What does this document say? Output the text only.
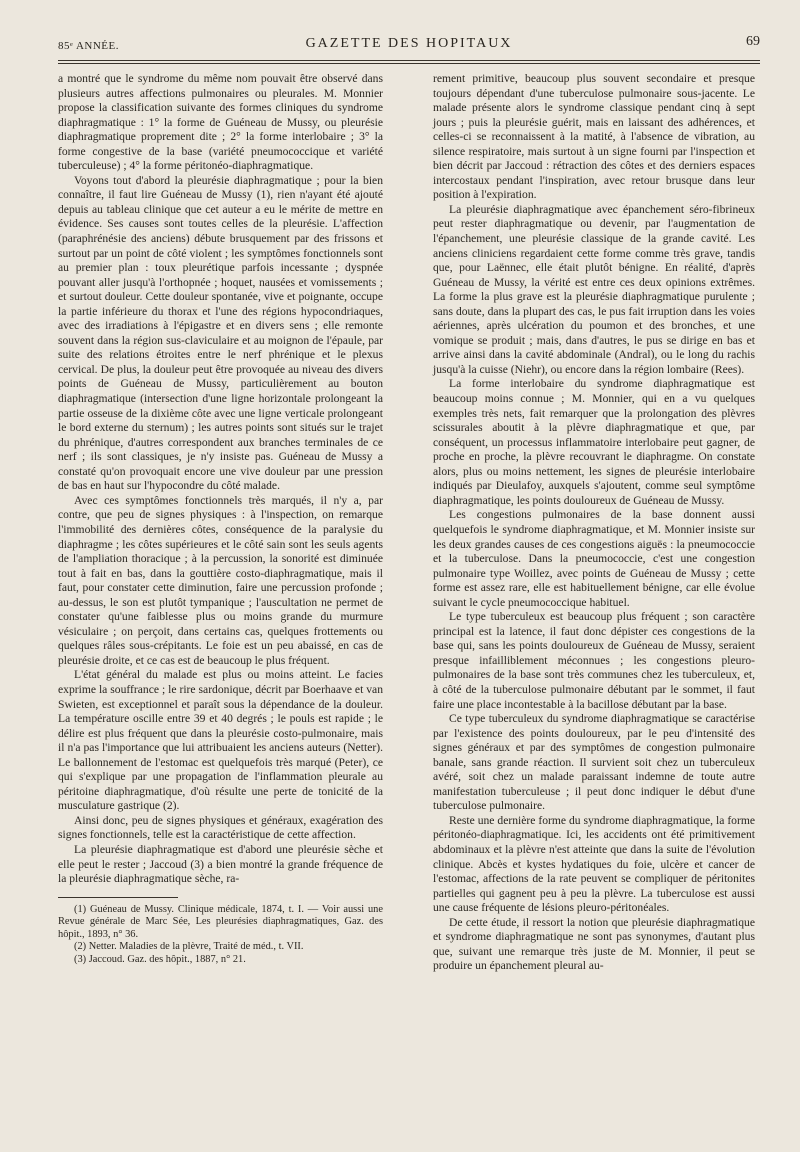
85ᵉ ANNÉE.	GAZETTE DES HOPITAUX	69

a montré que le syndrome du même nom pouvait être observé dans plusieurs autres affections pulmonaires ou pleurales. M. Monnier propose la classification suivante des formes cliniques du syndrome diaphragmatique : 1° la forme de Guéneau de Mussy, ou pleurésie diaphragmatique proprement dite ; 2° la forme interlobaire ; 3° la forme congestive de la base (variété pneumococcique et variété tuberculeuse) ; 4° la forme péritonéo-diaphragmatique.

Voyons tout d'abord la pleurésie diaphragmatique ; pour la bien connaître, il faut lire Guéneau de Mussy (1), rien n'ayant été ajouté depuis au tableau clinique que cet auteur a eu le mérite de mettre en évidence. Ses causes sont toutes celles de la pleurésie. L'affection (paraphrénésie des anciens) débute brusquement par des frissons et surtout par un point de côté violent ; les symptômes fonctionnels sont au premier plan : toux pleurétique parfois incessante ; dyspnée pouvant aller jusqu'à l'orthopnée ; hoquet, nausées et vomissements ; et surtout douleur. Cette douleur spontanée, vive et poignante, occupe la partie inférieure du thorax et l'une des régions hypocondriaques, avec des irradiations à l'épigastre et en divers sens ; elle remonte souvent dans la région sus-claviculaire et au moignon de l'épaule, par suite des relations étroites entre le nerf phrénique et le plexus cervical. De plus, la douleur peut être provoquée au niveau des divers points de Guéneau de Mussy, particulièrement au bouton diaphragmatique (intersection d'une ligne horizontale prolongeant la partie osseuse de la dixième côte avec une ligne verticale prolongeant le bord externe du sternum) ; les autres points sont situés sur le trajet du phrénique, d'autres correspondent aux branches terminales de ce nerf ; ils sont classiques, je n'y insiste pas. Guéneau de Mussy a constaté qu'on provoquait encore une vive douleur par une pression de bas en haut sur l'hypocondre du côté malade.

Avec ces symptômes fonctionnels très marqués, il n'y a, par contre, que peu de signes physiques : à l'inspection, on remarque l'immobilité des dernières côtes, conséquence de la paralysie du diaphragme ; les côtes supérieures et le côté sain sont les seuls agents de l'ampliation thoracique ; à la percussion, la sonorité est diminuée tout à fait en bas, dans la gouttière costo-diaphragmatique, mais il faut, pour constater cette diminution, faire une percussion profonde ; au-dessus, le son est plutôt tympanique ; l'auscultation ne permet de constater qu'une faiblesse plus ou moins grande du murmure vésiculaire ; on perçoit, dans certains cas, quelques frottements ou quelques râles sous-crépitants. Le foie est un peu abaissé, en cas de pleurésie droite, et ce cas est de beaucoup le plus fréquent.

L'état général du malade est plus ou moins atteint. Le facies exprime la souffrance ; le rire sardonique, décrit par Boerhaave et van Swieten, est exceptionnel et paraît sous la dépendance de la douleur. La température oscille entre 39 et 40 degrés ; le pouls est rapide ; le délire est plus fréquent que dans la pleurésie costo-pulmonaire, mais il n'a pas l'importance que lui attribuaient les anciens auteurs (Netter). Le ballonnement de l'estomac est quelquefois très marqué (Peter), ce qui s'explique par une propagation de l'inflammation pleurale au péritoine diaphragmatique, d'où résulte une perte de tonicité de la musculature gastrique (2).

Ainsi donc, peu de signes physiques et généraux, exagération des signes fonctionnels, telle est la caractéristique de cette affection.

La pleurésie diaphragmatique est d'abord une pleurésie sèche et elle peut le rester ; Jaccoud (3) a bien montré la grande fréquence de la pleurésie diaphragmatique sèche, ra-

(1) Guéneau de Mussy. Clinique médicale, 1874, t. I. — Voir aussi une Revue générale de Marc Sée, Les pleurésies diaphragmatiques, Gaz. des hôpit., 1893, n° 36.

(2) Netter. Maladies de la plèvre, Traité de méd., t. VII.

(3) Jaccoud. Gaz. des hôpit., 1887, n° 21.

rement primitive, beaucoup plus souvent secondaire et presque toujours dépendant d'une tuberculose pulmonaire sous-jacente. Le malade présente alors le syndrome classique pendant cinq à sept jours ; puis la pleurésie guérit, mais en laissant des adhérences, et celles-ci se reconnaissent à la matité, à l'absence de vibration, au silence respiratoire, mais surtout à un signe fourni par l'inspection et bien décrit par Jaccoud : rétraction des côtes et des derniers espaces intercostaux pendant l'inspiration, avec retour brusque dans leur position à l'expiration.

La pleurésie diaphragmatique avec épanchement séro-fibrineux peut rester diaphragmatique ou devenir, par l'augmentation de l'épanchement, une pleurésie classique de la grande cavité. Les anciens cliniciens regardaient cette forme comme très grave, tandis que, pour Laënnec, elle était plutôt bénigne. En réalité, d'après Guéneau de Mussy, la vérité est entre ces deux opinions extrêmes. La forme la plus grave est la pleurésie diaphragmatique purulente ; sans doute, dans la plupart des cas, le pus fait irruption dans les voies aériennes, après ulcération du poumon et des bronches, et une vomique se produit ; mais, dans d'autres, le pus se dirige en bas et arrive ainsi dans la cavité abdominale (Andral), ou le long du rachis jusqu'à la cuisse (Niehr), ou encore dans la région lombaire (Rees).

La forme interlobaire du syndrome diaphragmatique est beaucoup moins connue ; M. Monnier, qui en a vu quelques exemples très nets, fait remarquer que la prolongation des plèvres scissurales aboutit à la plèvre diaphragmatique et que, par conséquent, un processus inflammatoire interlobaire peut gagner, de proche en proche, la plèvre recouvrant le diaphragme. On constate alors, plus ou moins nettement, les signes de pleurésie interlobaire indiqués par Dieulafoy, auxquels s'ajoutent, comme seul symptôme diaphragmatique, les points douloureux de Guéneau de Mussy.

Les congestions pulmonaires de la base donnent aussi quelquefois le syndrome diaphragmatique, et M. Monnier insiste sur les deux grandes causes de ces congestions aiguës : la pneumococcie et la tuberculose. Dans la pneumococcie, c'est une congestion pulmonaire type Woillez, avec points de Guéneau de Mussy ; cette forme est assez rare, elle est habituellement bénigne, car elle évolue suivant le cycle pneumococcique habituel.

Le type tuberculeux est beaucoup plus fréquent ; son caractère principal est la latence, il faut donc dépister ces congestions de la base qui, sans les points douloureux de Guéneau de Mussy, seraient presque infailliblement méconnues ; les congestions pleuro-pulmonaires de la base sont très communes chez les tuberculeux, et, à côté de la tuberculose pulmonaire débutant par le sommet, il faut faire une place incontestable à la bacillose débutant par la base.

Ce type tuberculeux du syndrome diaphragmatique se caractérise par l'existence des points douloureux, par le peu d'intensité des signes généraux et par des symptômes de congestion pulmonaire banale, sans grande réaction. Il survient soit chez un tuberculeux avéré, soit chez un malade paraissant indemne de toute autre manifestation tuberculeuse ; il peut donc indiquer le début d'une tuberculose pulmonaire.

Reste une dernière forme du syndrome diaphragmatique, la forme péritonéo-diaphragmatique. Ici, les accidents ont été primitivement abdominaux et la plèvre n'est atteinte que dans la suite de l'évolution clinique. Abcès et kystes hydatiques du foie, ulcère et cancer de l'estomac, affections de la rate peuvent se compliquer de péritonites partielles qui gagnent peu à peu la plèvre. La tuberculose est aussi une cause fréquente de lésions pleuro-péritonéales.

De cette étude, il ressort la notion que pleurésie diaphragmatique et syndrome diaphragmatique ne sont pas synonymes, d'autant plus que, suivant une remarque très juste de M. Monnier, il peut se produire un épanchement pleural au-
